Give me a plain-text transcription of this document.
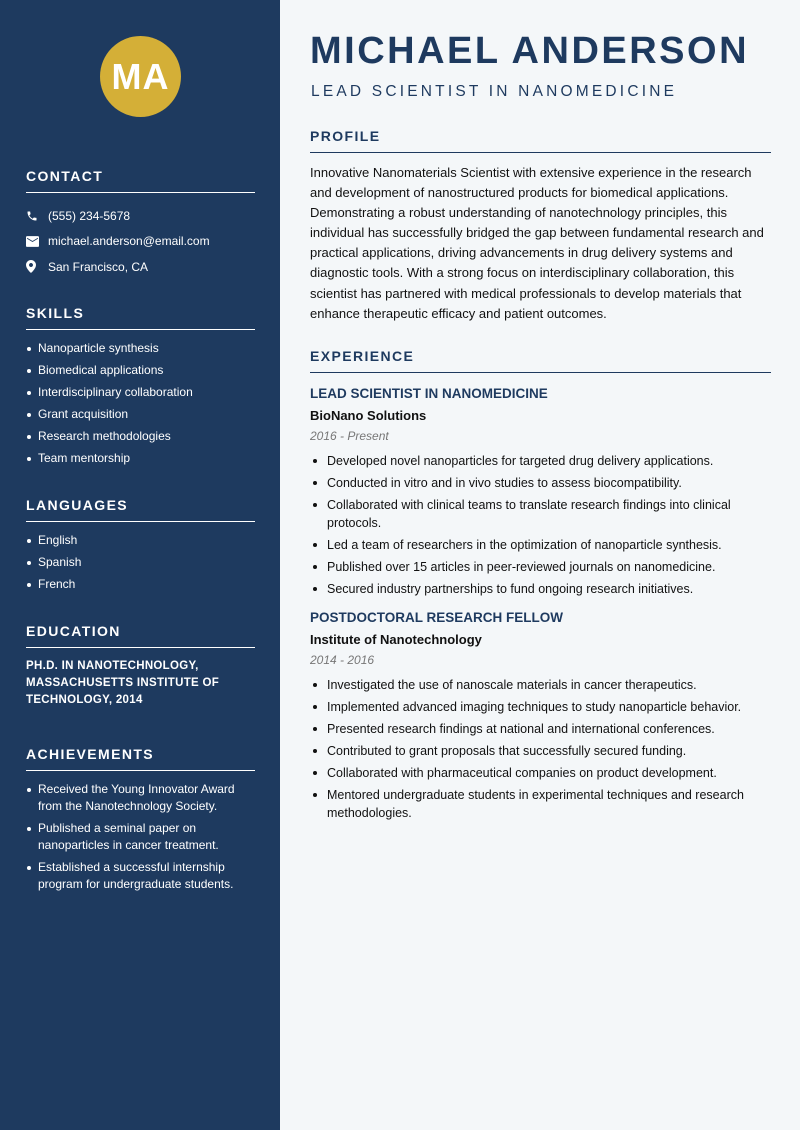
MA
CONTACT
(555) 234-5678
michael.anderson@email.com
San Francisco, CA
SKILLS
Nanoparticle synthesis
Biomedical applications
Interdisciplinary collaboration
Grant acquisition
Research methodologies
Team mentorship
LANGUAGES
English
Spanish
French
EDUCATION
PH.D. IN NANOTECHNOLOGY, MASSACHUSETTS INSTITUTE OF TECHNOLOGY, 2014
ACHIEVEMENTS
Received the Young Innovator Award from the Nanotechnology Society.
Published a seminal paper on nanoparticles in cancer treatment.
Established a successful internship program for undergraduate students.
MICHAEL ANDERSON
LEAD SCIENTIST IN NANOMEDICINE
PROFILE

Innovative Nanomaterials Scientist with extensive experience in the research and development of nanostructured products for biomedical applications. Demonstrating a robust understanding of nanotechnology principles, this individual has successfully bridged the gap between fundamental research and practical applications, driving advancements in drug delivery systems and diagnostic tools. With a strong focus on interdisciplinary collaboration, this scientist has partnered with medical professionals to develop materials that enhance therapeutic efficacy and patient outcomes.

EXPERIENCE
LEAD SCIENTIST IN NANOMEDICINE
BioNano Solutions
2016 - Present
Developed novel nanoparticles for targeted drug delivery applications.
Conducted in vitro and in vivo studies to assess biocompatibility.
Collaborated with clinical teams to translate research findings into clinical protocols.
Led a team of researchers in the optimization of nanoparticle synthesis.
Published over 15 articles in peer-reviewed journals on nanomedicine.
Secured industry partnerships to fund ongoing research initiatives.
POSTDOCTORAL RESEARCH FELLOW
Institute of Nanotechnology
2014 - 2016
Investigated the use of nanoscale materials in cancer therapeutics.
Implemented advanced imaging techniques to study nanoparticle behavior.
Presented research findings at national and international conferences.
Contributed to grant proposals that successfully secured funding.
Collaborated with pharmaceutical companies on product development.
Mentored undergraduate students in experimental techniques and research methodologies.
